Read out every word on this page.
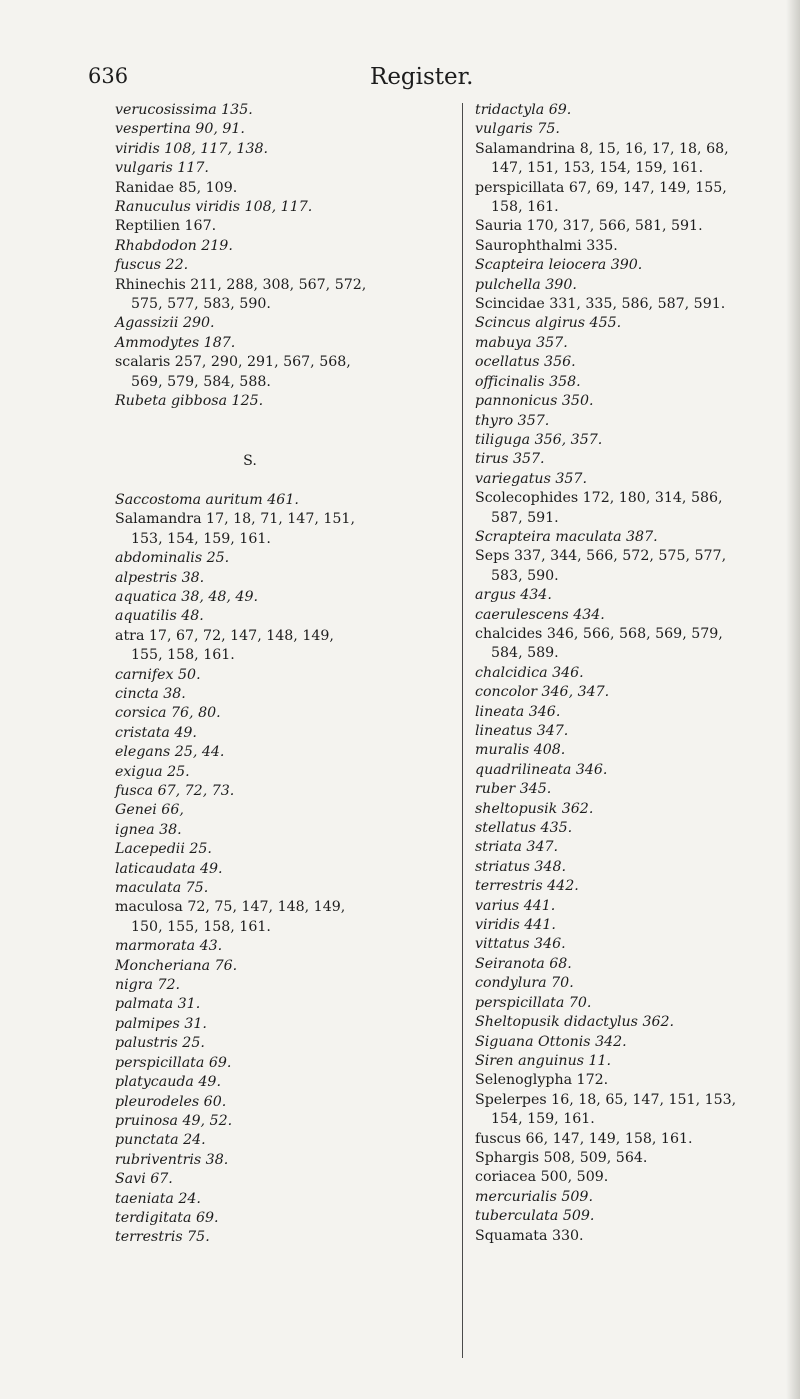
636	Register.
verucosissima 135.
vespertina 90, 91.
viridis 108, 117, 138.
vulgaris 117.
Ranidae 85, 109.
Ranuculus viridis 108, 117.
Reptilien 167.
Rhabdodon 219.
fuscus 22.
Rhinechis 211, 288, 308, 567, 572,
575, 577, 583, 590.
Agassizii 290.
Ammodytes 187.
scalaris 257, 290, 291, 567, 568,
569, 579, 584, 588.
Rubeta gibbosa 125.
S.
Saccostoma auritum 461.
Salamandra 17, 18, 71, 147, 151,
153, 154, 159, 161.
abdominalis 25.
alpestris 38.
aquatica 38, 48, 49.
aquatilis 48.
atra 17, 67, 72, 147, 148, 149,
155, 158, 161.
carnifex 50.
cincta 38.
corsica 76, 80.
cristata 49.
elegans 25, 44.
exigua 25.
fusca 67, 72, 73.
Genei 66,
ignea 38.
Lacepedii 25.
laticaudata 49.
maculata 75.
maculosa 72, 75, 147, 148, 149,
150, 155, 158, 161.
marmorata 43.
Moncheriana 76.
nigra 72.
palmata 31.
palmipes 31.
palustris 25.
perspicillata 69.
platycauda 49.
pleurodeles 60.
pruinosa 49, 52.
punctata 24.
rubriventris 38.
Savi 67.
taeniata 24.
terdigitata 69.
terrestris 75.
tridactyla 69.
vulgaris 75.
Salamandrina 8, 15, 16, 17, 18, 68,
147, 151, 153, 154, 159, 161.
perspicillata 67, 69, 147, 149, 155,
158, 161.
Sauria 170, 317, 566, 581, 591.
Saurophthalmi 335.
Scapteira leiocera 390.
pulchella 390.
Scincidae 331, 335, 586, 587, 591.
Scincus algirus 455.
mabuya 357.
ocellatus 356.
officinalis 358.
pannonicus 350.
thyro 357.
tiliguga 356, 357.
tirus 357.
variegatus 357.
Scolecophides 172, 180, 314, 586,
587, 591.
Scrapteira maculata 387.
Seps 337, 344, 566, 572, 575, 577,
583, 590.
argus 434.
caerulescens 434.
chalcides 346, 566, 568, 569, 579,
584, 589.
chalcidica 346.
concolor 346, 347.
lineata 346.
lineatus 347.
muralis 408.
quadrilineata 346.
ruber 345.
sheltopusik 362.
stellatus 435.
striata 347.
striatus 348.
terrestris 442.
varius 441.
viridis 441.
vittatus 346.
Seiranota 68.
condylura 70.
perspicillata 70.
Sheltopusik didactylus 362.
Siguana Ottonis 342.
Siren anguinus 11.
Selenoglypha 172.
Spelerpes 16, 18, 65, 147, 151, 153,
154, 159, 161.
fuscus 66, 147, 149, 158, 161.
Sphargis 508, 509, 564.
coriacea 500, 509.
mercurialis 509.
tuberculata 509.
Squamata 330.
